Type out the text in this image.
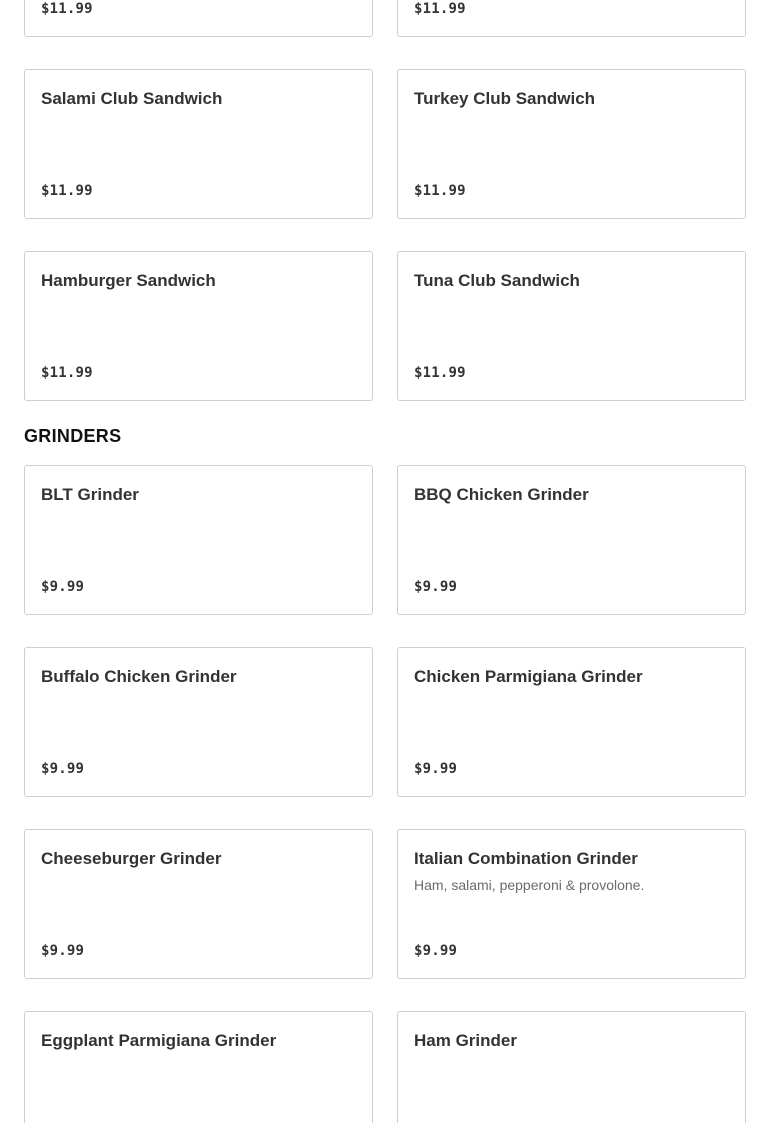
$11.99	$11.99
Salami Club Sandwich
$11.99
Turkey Club Sandwich
$11.99
Hamburger Sandwich
$11.99
Tuna Club Sandwich
$11.99
GRINDERS
BLT Grinder
$9.99
BBQ Chicken Grinder
$9.99
Buffalo Chicken Grinder
$9.99
Chicken Parmigiana Grinder
$9.99
Cheeseburger Grinder
$9.99
Italian Combination Grinder
Ham, salami, pepperoni & provolone.
$9.99
Eggplant Parmigiana Grinder	Ham Grinder
